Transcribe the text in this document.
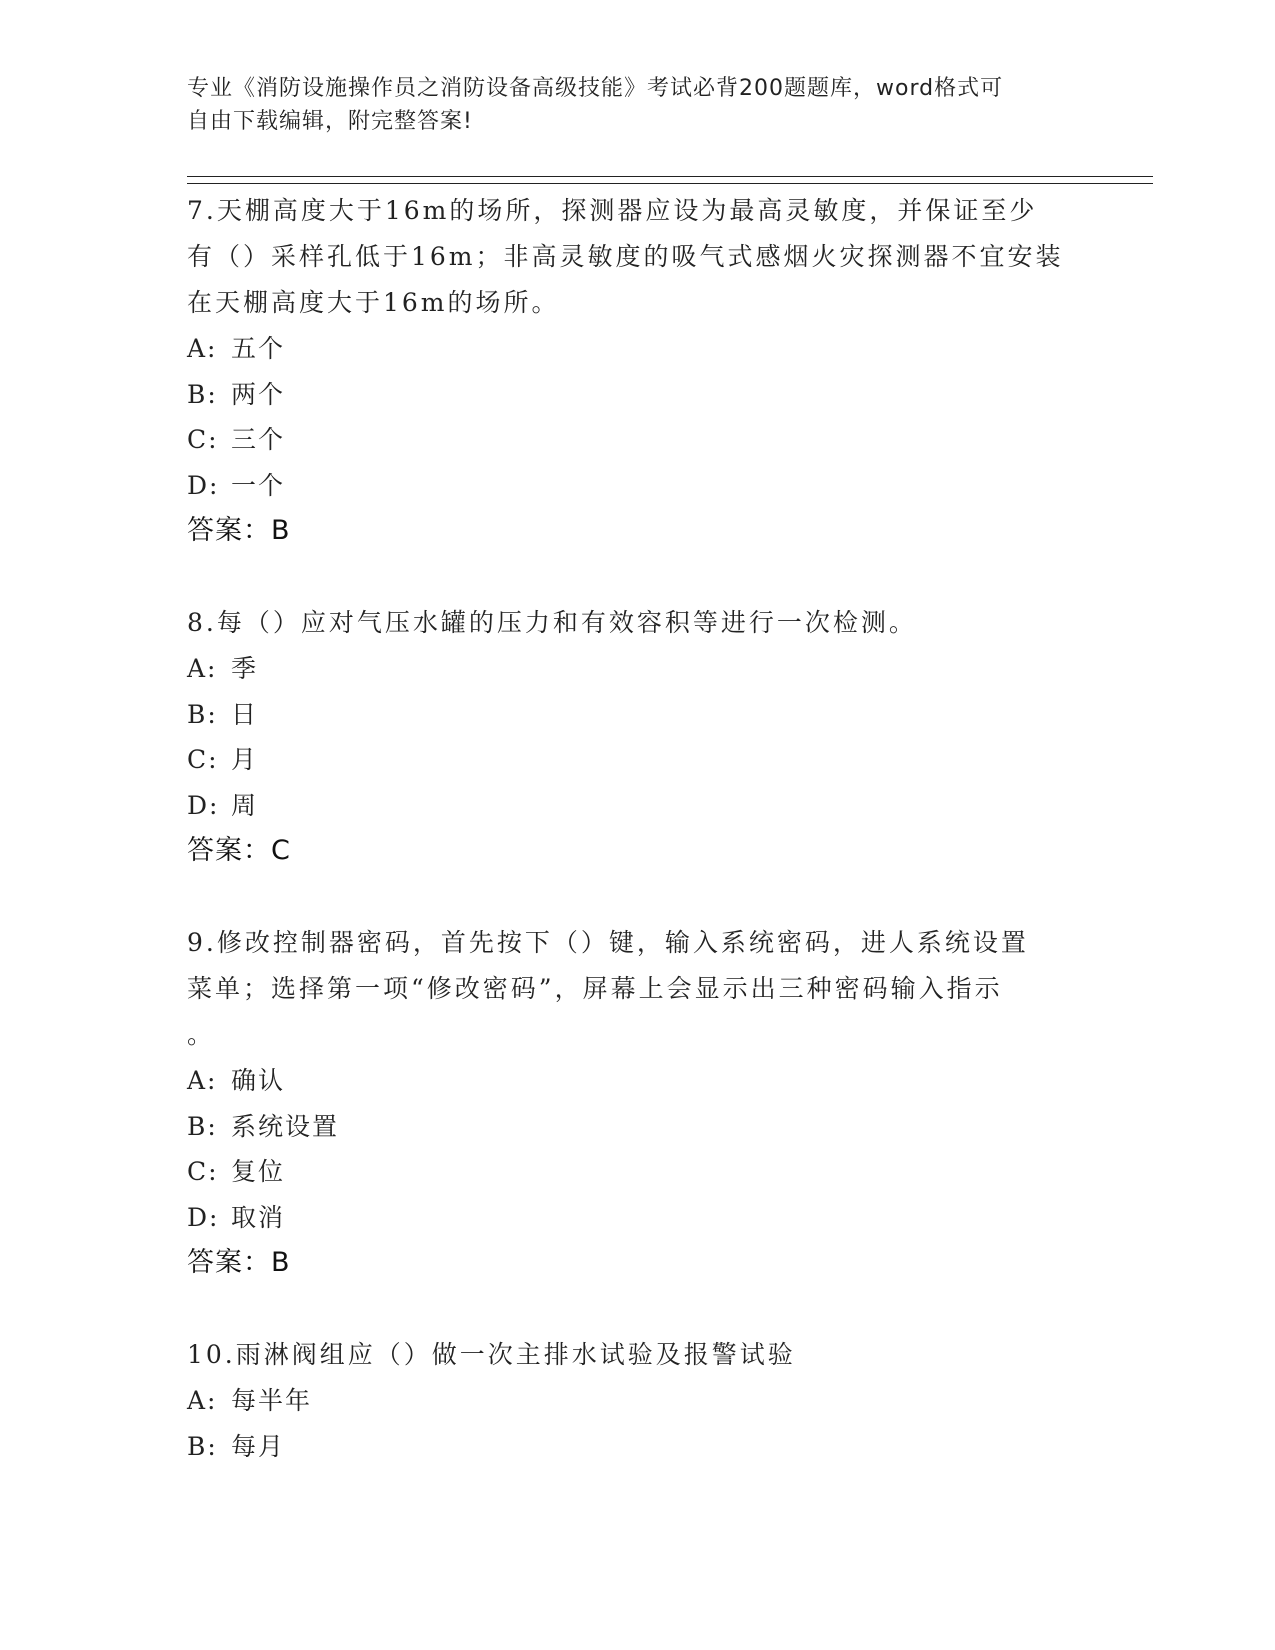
专业《消防设施操作员之消防设备高级技能》考试必背200题题库，word格式可
自由下载编辑，附完整答案!
7.天棚高度大于16m的场所，探测器应设为最高灵敏度，并保证至少
有（）采样孔低于16m；非高灵敏度的吸气式感烟火灾探测器不宜安装
在天棚高度大于16m的场所。
A: 五个
B: 两个
C: 三个
D: 一个
答案：B
8.每（）应对气压水罐的压力和有效容积等进行一次检测。
A: 季
B: 日
C: 月
D: 周
答案：C
9.修改控制器密码，首先按下（）键，输入系统密码，进人系统设置
菜单；选择第一项“修改密码”，屏幕上会显示出三种密码输入指示
。
A: 确认
B: 系统设置
C: 复位
D: 取消
答案：B
10.雨淋阀组应（）做一次主排水试验及报警试验
A: 每半年
B: 每月
